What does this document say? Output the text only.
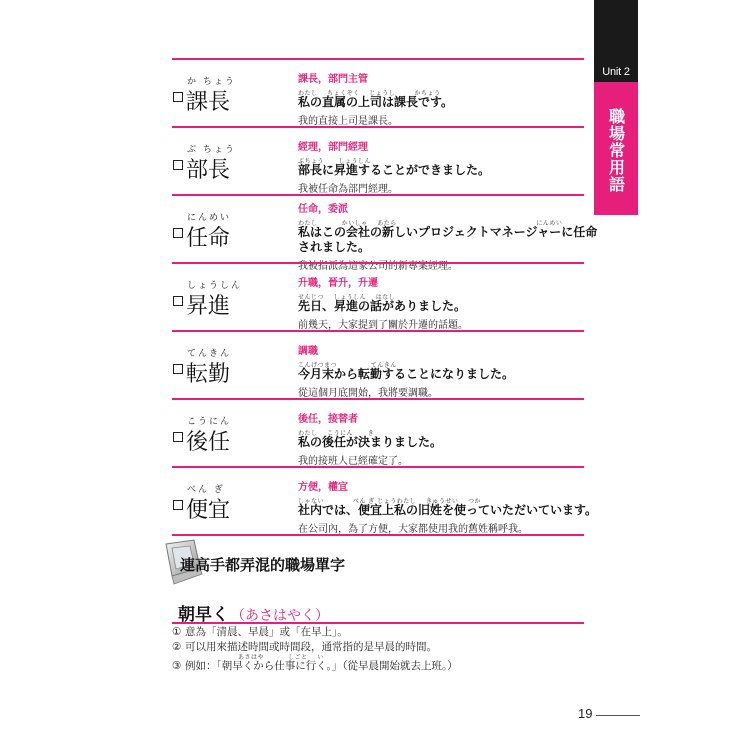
Unit 2
職場常用語
か ちょう
課長
課長，部門主管
わたし    ちょくぞく    じょうし        かちょう
私の直属の上司は課長です。
我的直接上司是課長。
ぶ ちょう
部長
經理，部門經理
ぶちょう      しょうしん
部長に昇進することができました。
我被任命為部門經理。
にんめい
任命
任命，委派
わたし          かいしゃ    あたら                                                          にんめい
私はこの会社の新しいプロジェクトマネージャーに任命
されました。
我被指派為這家公司的新專案經理。
しょうしん
昇進
升職，晉升，升遷
せんじつ    しょうしん    はなし
先日、昇進の話がありました。
前幾天，大家提到了關於升遷的話題。
てんきん
転勤
調職
こんげつまつ              てんきん
今月末から転勤することになりました。
從這個月底開始，我將要調職。
こうにん
後任
後任，接替者
わたし    こうにん      き
私の後任が決まりました。
我的接班人已經確定了。
べん ぎ
便宜
方便，權宜
しゃない            べん ぎ じょうわたし    きゅうせい    つか
社内では、便宜上私の旧姓を使っていただいています。
在公司內，為了方便，大家都使用我的舊姓稱呼我。
連高手都弄混的職場單字
朝早く （あさはやく）
① 意為「清晨、早晨」或「在早上」。
② 可以用來描述時間或時間段，通常指的是早晨的時間。
あさはや          しごと    い
③ 例如：「朝早くから仕事に行く。」（從早晨開始就去上班。）
19
